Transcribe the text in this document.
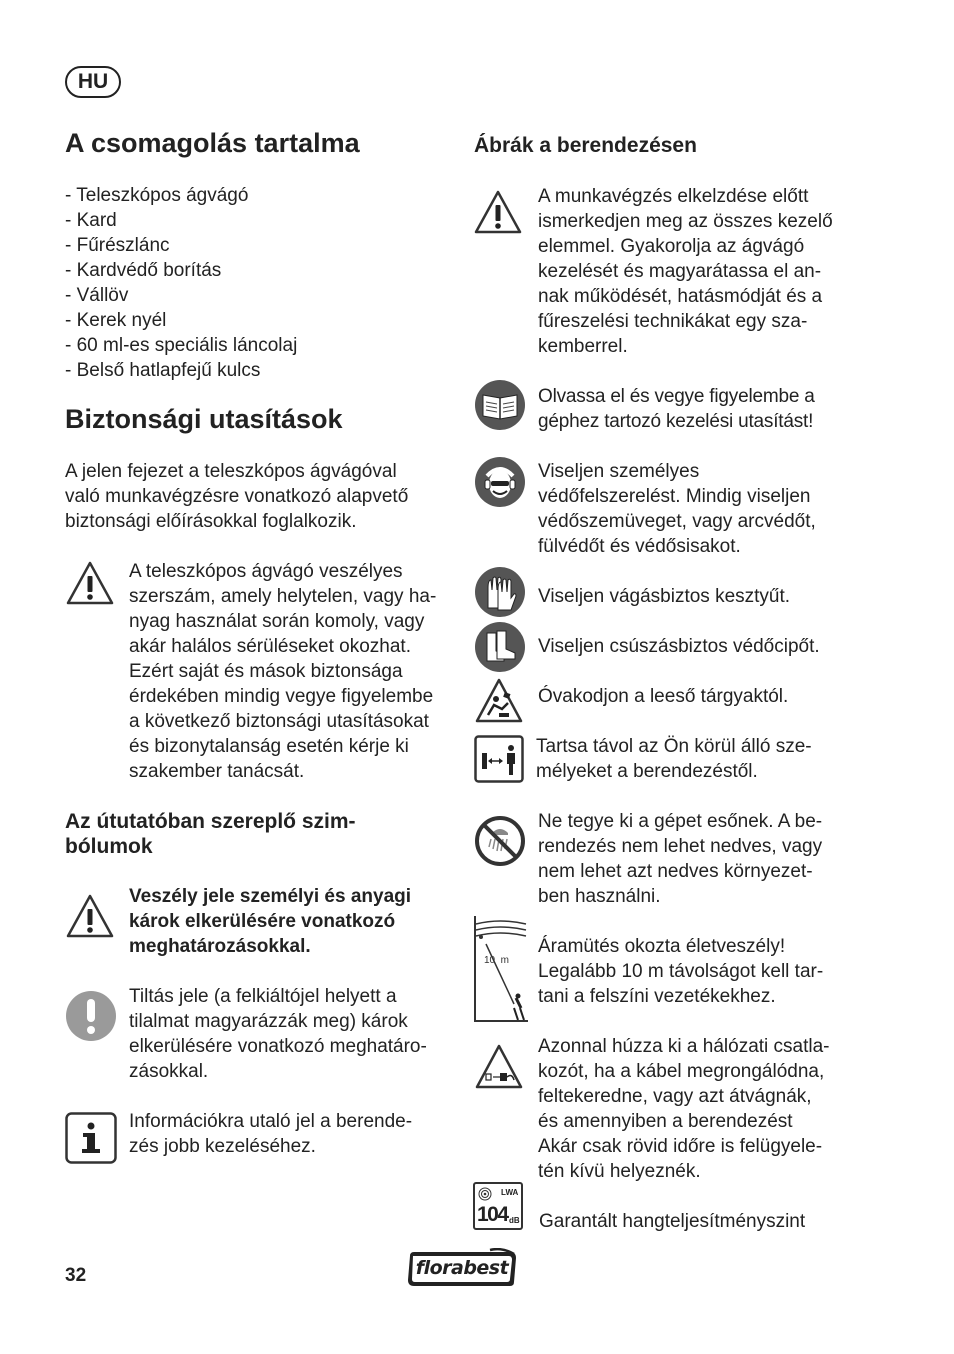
HU
A csomagolás tartalma
- Teleszkópos ágvágó
- Kard
- Fűrészlánc
- Kardvédő borítás
- Vállöv
- Kerek nyél
- 60 ml-es speciális láncolaj
- Belső hatlapfejű kulcs
Biztonsági utasítások
A jelen fejezet a teleszkópos ágvágóval
való munkavégzésre vonatkozó alapvető
biztonsági előírásokkal foglalkozik.
A teleszkópos ágvágó veszélyes
szerszám, amely helytelen, vagy ha-
nyag használat során komoly, vagy
akár halálos sérüléseket okozhat.
Ezért saját és mások biztonsága
érdekében mindig vegye figyelembe
a következő biztonsági utasításokat
és bizonytalanság esetén kérje ki
szakember tanácsát.
Az útutatóban szereplő szim-
bólumok
Veszély jele személyi és anyagi
károk elkerülésére vonatkozó
meghatározásokkal.
Tiltás jele (a felkiáltójel helyett a
tilalmat magyarázzák meg) károk
elkerülésére vonatkozó meghatáro-
zásokkal.
Információkra utaló jel a berende-
zés jobb kezeléséhez.
Ábrák a berendezésen
A munkavégzés elkelzdése előtt
ismerkedjen meg az összes kezelő
elemmel. Gyakorolja az ágvágó
kezelését és magyarátassa el an-
nak működését, hatásmódját és a
fűreszelési technikákat egy sza-
kemberrel.
Olvassa el és vegye figyelembe a
géphez tartozó kezelési utasítást!
Viseljen személyes
védőfelszerelést. Mindig viseljen
védőszemüveget, vagy arcvédőt,
fülvédőt és védősisakot.
Viseljen vágásbiztos kesztyűt.
Viseljen csúszásbiztos védőcipőt.
Óvakodjon a leeső tárgyaktól.
Tartsa távol az Ön körül álló sze-
mélyeket a berendezéstől.
Ne tegye ki a gépet esőnek. A be-
rendezés nem lehet nedves, vagy
nem lehet azt nedves környezet-
ben használni.
10  m
Áramütés okozta életveszély!
Legalább 10 m távolságot kell tar-
tani a felszíni vezetékekhez.
Azonnal húzza ki a hálózati csatla-
kozót, ha a kábel megrongálódna,
feltekeredne, vagy azt átvágnák,
és amennyiben a berendezést
Akár csak rövid időre is felügyele-
tén kívü helyeznék.
LWA
104 dB Garantált hangteljesítményszint
32	florabest
